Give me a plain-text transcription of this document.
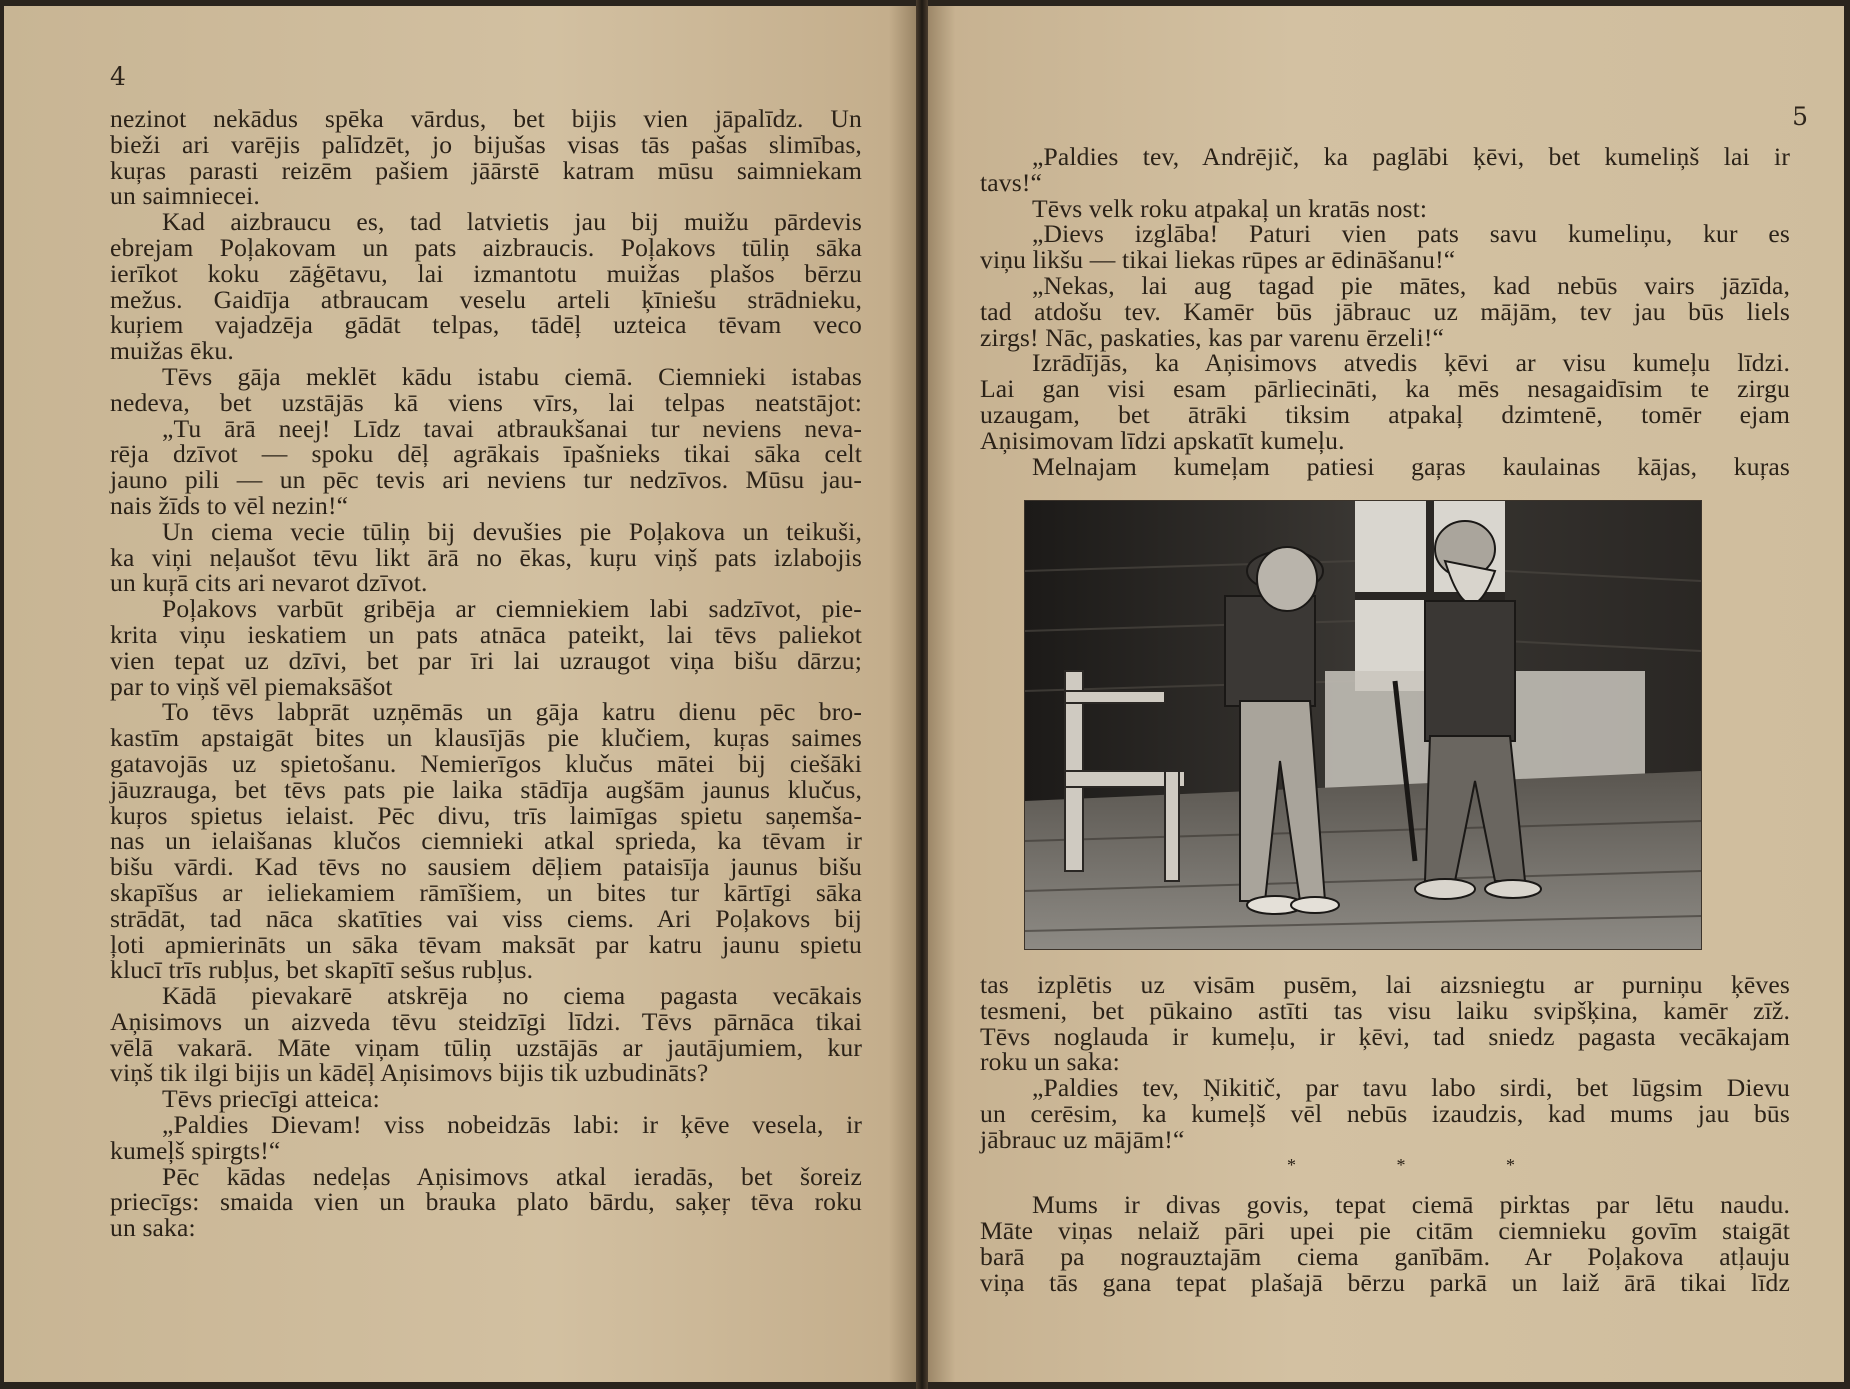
4
nezinot nekādus spēka vārdus, bet bijis vien jāpalīdz. Un
bieži ari varējis palīdzēt, jo bijušas visas tās pašas slimības,
kuŗas parasti reizēm pašiem jāārstē katram mūsu saimniekam
un saimniecei.
Kad aizbraucu es, tad latvietis jau bij muižu pārdevis
ebrejam Poļakovam un pats aizbraucis. Poļakovs tūliņ sāka
ierīkot koku zāģētavu, lai izmantotu muižas plašos bērzu
mežus. Gaidīja atbraucam veselu arteli ķīniešu strādnieku,
kuŗiem vajadzēja gādāt telpas, tādēļ uzteica tēvam veco
muižas ēku.
Tēvs gāja meklēt kādu istabu ciemā. Ciemnieki istabas
nedeva, bet uzstājās kā viens vīrs, lai telpas neatstājot:
„Tu ārā neej! Līdz tavai atbraukšanai tur neviens neva-
rēja dzīvot — spoku dēļ agrākais īpašnieks tikai sāka celt
jauno pili — un pēc tevis ari neviens tur nedzīvos. Mūsu jau-
nais žīds to vēl nezin!“
Un ciema vecie tūliņ bij devušies pie Poļakova un teikuši,
ka viņi neļaušot tēvu likt ārā no ēkas, kuŗu viņš pats izlabojis
un kuŗā cits ari nevarot dzīvot.
Poļakovs varbūt gribēja ar ciemniekiem labi sadzīvot, pie-
krita viņu ieskatiem un pats atnāca pateikt, lai tēvs paliekot
vien tepat uz dzīvi, bet par īri lai uzraugot viņa bišu dārzu;
par to viņš vēl piemaksāšot
To tēvs labprāt uzņēmās un gāja katru dienu pēc bro-
kastīm apstaigāt bites un klausījās pie klučiem, kuŗas saimes
gatavojās uz spietošanu. Nemierīgos klučus mātei bij ciešāki
jāuzrauga, bet tēvs pats pie laika stādīja augšām jaunus klučus,
kuŗos spietus ielaist. Pēc divu, trīs laimīgas spietu saņemša-
nas un ielaišanas klučos ciemnieki atkal sprieda, ka tēvam ir
bišu vārdi. Kad tēvs no sausiem dēļiem pataisīja jaunus bišu
skapīšus ar ieliekamiem rāmīšiem, un bites tur kārtīgi sāka
strādāt, tad nāca skatīties vai viss ciems. Ari Poļakovs bij
ļoti apmierināts un sāka tēvam maksāt par katru jaunu spietu
klucī trīs rubļus, bet skapītī sešus rubļus.
Kādā pievakarē atskrēja no ciema pagasta vecākais
Aņisimovs un aizveda tēvu steidzīgi līdzi. Tēvs pārnāca tikai
vēlā vakarā. Māte viņam tūliņ uzstājās ar jautājumiem, kur
viņš tik ilgi bijis un kādēļ Aņisimovs bijis tik uzbudināts?
Tēvs priecīgi atteica:
„Paldies Dievam! viss nobeidzās labi: ir ķēve vesela, ir
kumeļš spirgts!“
Pēc kādas nedeļas Aņisimovs atkal ieradās, bet šoreiz
priecīgs: smaida vien un brauka plato bārdu, saķeŗ tēva roku
un saka:
5
„Paldies tev, Andrējič, ka paglābi ķēvi, bet kumeliņš lai ir
tavs!“
Tēvs velk roku atpakaļ un kratās nost:
„Dievs izglāba! Paturi vien pats savu kumeliņu, kur es
viņu likšu — tikai liekas rūpes ar ēdināšanu!“
„Nekas, lai aug tagad pie mātes, kad nebūs vairs jāzīda,
tad atdošu tev. Kamēr būs jābrauc uz mājām, tev jau būs liels
zirgs! Nāc, paskaties, kas par varenu ērzeli!“
Izrādījās, ka Aņisimovs atvedis ķēvi ar visu kumeļu līdzi.
Lai gan visi esam pārliecināti, ka mēs nesagaidīsim te zirgu
uzaugam, bet ātrāki tiksim atpakaļ dzimtenē, tomēr ejam
Aņisimovam līdzi apskatīt kumeļu.
Melnajam kumeļam patiesi gaŗas kaulainas kājas, kuŗas
tas izplētis uz visām pusēm, lai aizsniegtu ar purniņu ķēves
tesmeni, bet pūkaino astīti tas visu laiku svipšķina, kamēr zīž.
Tēvs noglauda ir kumeļu, ir ķēvi, tad sniedz pagasta vecākajam
roku un saka:
„Paldies tev, Ņikitič, par tavu labo sirdi, bet lūgsim Dievu
un cerēsim, ka kumeļš vēl nebūs izaudzis, kad mums jau būs
jābrauc uz mājām!“
* * *
Mums ir divas govis, tepat ciemā pirktas par lētu naudu.
Māte viņas nelaiž pāri upei pie citām ciemnieku govīm staigāt
barā pa nograuztajām ciema ganībām. Ar Poļakova atļauju
viņa tās gana tepat plašajā bērzu parkā un laiž ārā tikai līdz
